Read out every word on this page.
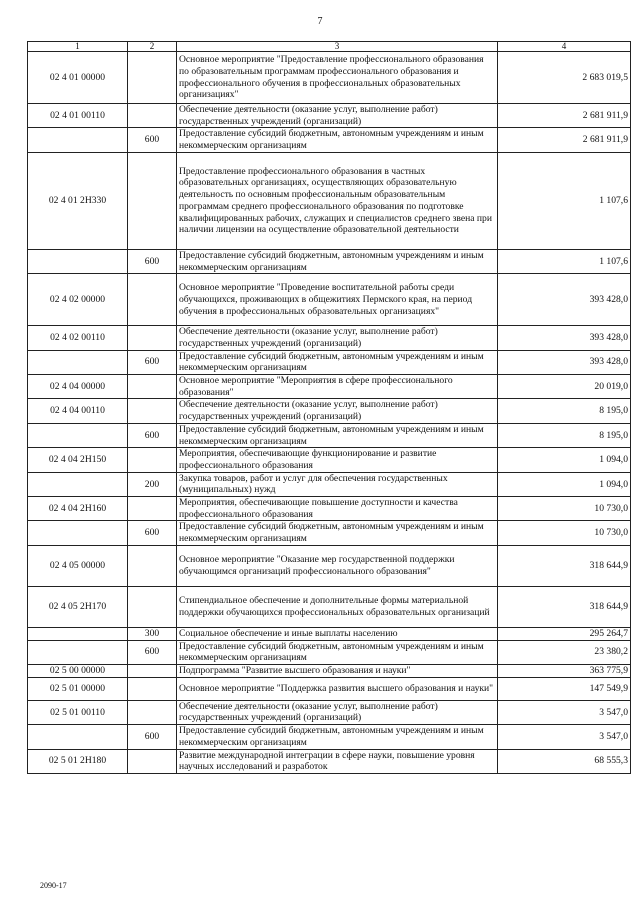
7
1	2	3	4
02 4 01 00000		Основное мероприятие "Предоставление профессионального образования по образовательным программам профессионального образования и профессионального обучения в профессиональных образовательных организациях"	2 683 019,5
02 4 01 00110		Обеспечение деятельности (оказание услуг, выполнение работ) государственных учреждений (организаций)	2 681 911,9
	600	Предоставление субсидий бюджетным, автономным учреждениям и иным некоммерческим организациям	2 681 911,9
02 4 01 2Н330		Предоставление профессионального образования в частных образовательных организациях, осуществляющих образовательную деятельность по основным профессиональным образовательным программам среднего профессионального образования по подготовке квалифицированных рабочих, служащих и специалистов среднего звена при наличии лицензии на осуществление образовательной деятельности	1 107,6
	600	Предоставление субсидий бюджетным, автономным учреждениям и иным некоммерческим организациям	1 107,6
02 4 02 00000		Основное мероприятие "Проведение воспитательной работы среди обучающихся, проживающих в общежитиях Пермского края, на период обучения в профессиональных образовательных организациях"	393 428,0
02 4 02 00110		Обеспечение деятельности (оказание услуг, выполнение работ) государственных учреждений (организаций)	393 428,0
	600	Предоставление субсидий бюджетным, автономным учреждениям и иным некоммерческим организациям	393 428,0
02 4 04 00000		Основное мероприятие "Мероприятия в сфере профессионального образования"	20 019,0
02 4 04 00110		Обеспечение деятельности (оказание услуг, выполнение работ) государственных учреждений (организаций)	8 195,0
	600	Предоставление субсидий бюджетным, автономным учреждениям и иным некоммерческим организациям	8 195,0
02 4 04 2Н150		Мероприятия, обеспечивающие функционирование и развитие профессионального образования	1 094,0
	200	Закупка товаров, работ и услуг для обеспечения государственных (муниципальных) нужд	1 094,0
02 4 04 2Н160		Мероприятия, обеспечивающие повышение доступности и качества профессионального образования	10 730,0
	600	Предоставление субсидий бюджетным, автономным учреждениям и иным некоммерческим организациям	10 730,0
02 4 05 00000		Основное мероприятие "Оказание мер государственной поддержки обучающимся организаций профессионального образования"	318 644,9
02 4 05 2Н170		Стипендиальное обеспечение и дополнительные формы материальной поддержки обучающихся профессиональных образовательных организаций	318 644,9
	300	Социальное обеспечение и иные выплаты населению	295 264,7
	600	Предоставление субсидий бюджетным, автономным учреждениям и иным некоммерческим организациям	23 380,2
02 5 00 00000		Подпрограмма "Развитие высшего образования и науки"	363 775,9
02 5 01 00000		Основное мероприятие "Поддержка развития высшего образования и науки"	147 549,9
02 5 01 00110		Обеспечение деятельности (оказание услуг, выполнение работ) государственных учреждений (организаций)	3 547,0
	600	Предоставление субсидий бюджетным, автономным учреждениям и иным некоммерческим организациям	3 547,0
02 5 01 2Н180		Развитие международной интеграции в сфере науки, повышение уровня научных исследований и разработок	68 555,3
2090-17
